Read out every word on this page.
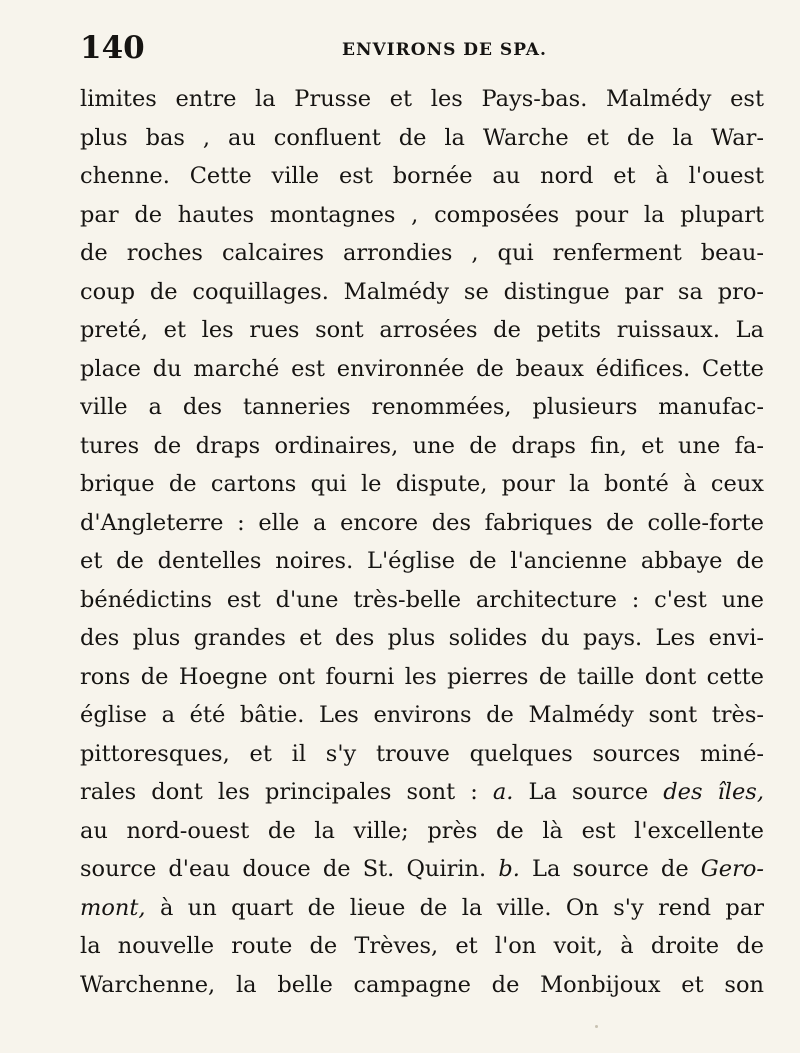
140	ENVIRONS DE SPA.
limites entre la Prusse et les Pays-bas. Malmédy est
plus bas , au confluent de la Warche et de la War-
chenne. Cette ville est bornée au nord et à l'ouest
par de hautes montagnes , composées pour la plupart
de roches calcaires arrondies , qui renferment beau-
coup de coquillages. Malmédy se distingue par sa pro-
preté, et les rues sont arrosées de petits ruissaux. La
place du marché est environnée de beaux édifices. Cette
ville a des tanneries renommées, plusieurs manufac-
tures de draps ordinaires, une de draps fin, et une fa-
brique de cartons qui le dispute, pour la bonté à ceux
d'Angleterre : elle a encore des fabriques de colle-forte
et de dentelles noires. L'église de l'ancienne abbaye de
bénédictins est d'une très-belle architecture : c'est une
des plus grandes et des plus solides du pays. Les envi-
rons de Hoegne ont fourni les pierres de taille dont cette
église a été bâtie. Les environs de Malmédy sont très-
pittoresques, et il s'y trouve quelques sources miné-
rales dont les principales sont : a. La source des îles,
au nord-ouest de la ville; près de là est l'excellente
source d'eau douce de St. Quirin. b. La source de Gero-
mont, à un quart de lieue de la ville. On s'y rend par
la nouvelle route de Trèves, et l'on voit, à droite de
Warchenne, la belle campagne de Monbijoux et son
